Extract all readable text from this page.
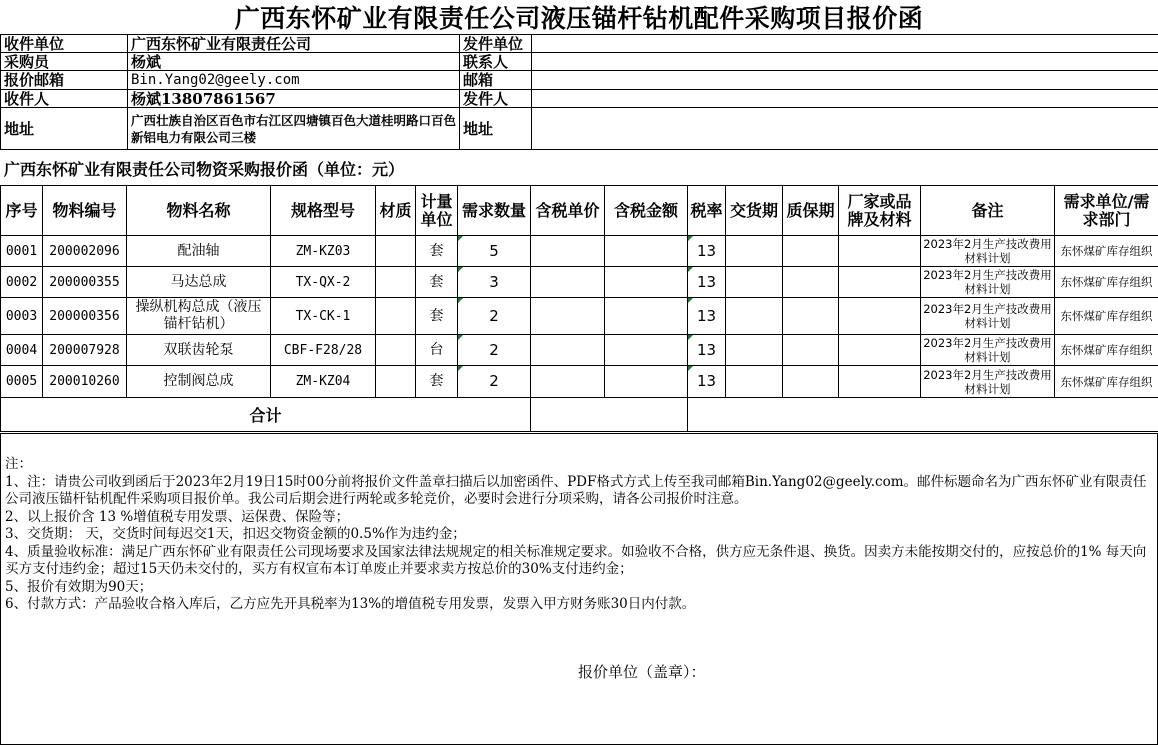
广西东怀矿业有限责任公司液压锚杆钻机配件采购项目报价函
收件单位	广西东怀矿业有限责任公司	发件单位	
采购员	杨斌	联系人	
报价邮箱	Bin.Yang02@geely.com	邮箱	
收件人	杨斌13807861567	发件人	
地址	广西壮族自治区百色市右江区四塘镇百色大道桂明路口百色新铝电力有限公司三楼	地址	
广西东怀矿业有限责任公司物资采购报价函（单位：元）
序号	物料编号	物料名称	规格型号	材质	计量单位	需求数量	含税单价	含税金额	税率	交货期	质保期	厂家或品牌及材料	备注	需求单位/需求部门
0001	200002096	配油轴	ZM-KZ03		套	5			13				2023年2月生产技改费用材料计划	东怀煤矿库存组织
0002	200000355	马达总成	TX-QX-2		套	3			13				2023年2月生产技改费用材料计划	东怀煤矿库存组织
0003	200000356	操纵机构总成（液压锚杆钻机）	TX-CK-1		套	2			13				2023年2月生产技改费用材料计划	东怀煤矿库存组织
0004	200007928	双联齿轮泵	CBF-F28/28		台	2			13				2023年2月生产技改费用材料计划	东怀煤矿库存组织
0005	200010260	控制阀总成	ZM-KZ04		套	2			13				2023年2月生产技改费用材料计划	东怀煤矿库存组织
合计														

注：

1、注：请贵公司收到函后于2023年2月19日15时00分前将报价文件盖章扫描后以加密函件、PDF格式方式上传至我司邮箱Bin.Yang02@geely.com。邮件标题命名为广西东怀矿业有限责任公司液压锚杆钻机配件采购项目报价单。我公司后期会进行两轮或多轮竞价，必要时会进行分项采购，请各公司报价时注意。

2、以上报价含 13 %增值税专用发票、运保费、保险等；

3、交货期： 天，交货时间每迟交1天，扣迟交物资金额的0.5%作为违约金；

4、质量验收标准：满足广西东怀矿业有限责任公司现场要求及国家法律法规规定的相关标准规定要求。如验收不合格，供方应无条件退、换货。因卖方未能按期交付的，应按总价的1% 每天向买方支付违约金；超过15天仍未交付的，买方有权宣布本订单废止并要求卖方按总价的30%支付违约金；

5、报价有效期为90天；

6、付款方式：产品验收合格入库后，乙方应先开具税率为13%的增值税专用发票，发票入甲方财务账30日内付款。

报价单位（盖章）：
